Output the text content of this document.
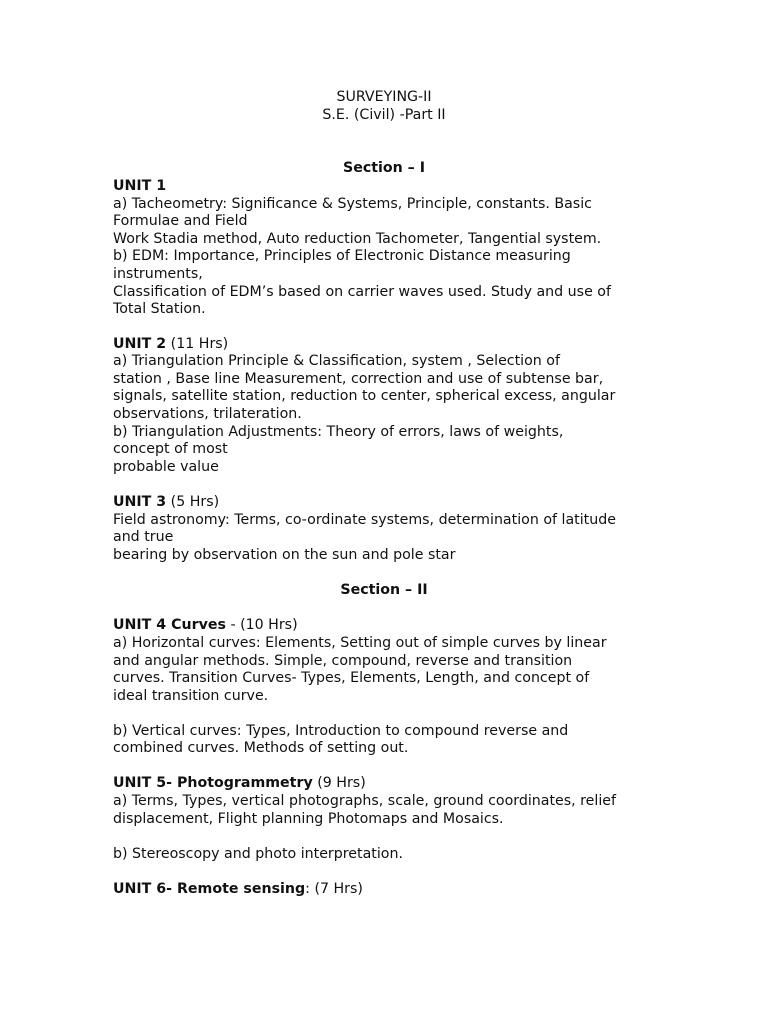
SURVEYING-II
S.E. (Civil) -Part II
Section – I
UNIT 1
a) Tacheometry: Significance & Systems, Principle, constants. Basic
Formulae and Field
Work Stadia method, Auto reduction Tachometer, Tangential system.
b) EDM: Importance, Principles of Electronic Distance measuring
instruments,
Classification of EDM’s based on carrier waves used. Study and use of
Total Station.
UNIT 2 (11 Hrs)
a) Triangulation Principle & Classification, system , Selection of
station , Base line Measurement, correction and use of subtense bar,
signals, satellite station, reduction to center, spherical excess, angular
observations, trilateration.
b) Triangulation Adjustments: Theory of errors, laws of weights,
concept of most
probable value
UNIT 3 (5 Hrs)
Field astronomy: Terms, co-ordinate systems, determination of latitude
and true
bearing by observation on the sun and pole star
Section – II
UNIT 4 Curves - (10 Hrs)
a) Horizontal curves: Elements, Setting out of simple curves by linear
and angular methods. Simple, compound, reverse and transition
curves. Transition Curves- Types, Elements, Length, and concept of
ideal transition curve.
b) Vertical curves: Types, Introduction to compound reverse and
combined curves. Methods of setting out.
UNIT 5- Photogrammetry (9 Hrs)
a) Terms, Types, vertical photographs, scale, ground coordinates, relief
displacement, Flight planning Photomaps and Mosaics.
b) Stereoscopy and photo interpretation.
UNIT 6- Remote sensing: (7 Hrs)
